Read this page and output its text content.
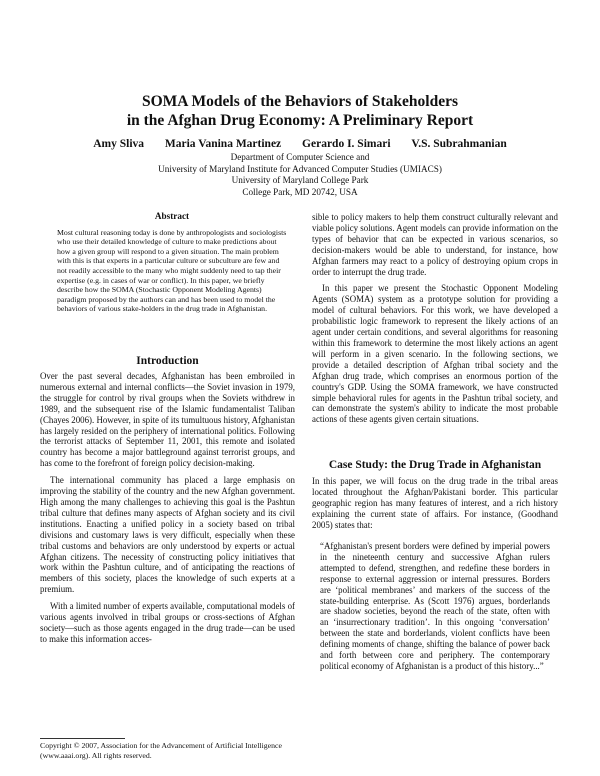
SOMA Models of the Behaviors of Stakeholders
in the Afghan Drug Economy: A Preliminary Report
Amy Sliva Maria Vanina Martinez Gerardo I. Simari V.S. Subrahmanian
Department of Computer Science and
University of Maryland Institute for Advanced Computer Studies (UMIACS)
University of Maryland College Park
College Park, MD 20742, USA
Abstract
Most cultural reasoning today is done by anthropologists and sociologists who use their detailed knowledge of culture to make predictions about how a given group will respond to a given situation. The main problem with this is that experts in a particular culture or subculture are few and not readily accessible to the many who might suddenly need to tap their expertise (e.g. in cases of war or conflict). In this paper, we briefly describe how the SOMA (Stochastic Opponent Modeling Agents) paradigm proposed by the authors can and has been used to model the behaviors of various stake-holders in the drug trade in Afghanistan.
Introduction

Over the past several decades, Afghanistan has been embroiled in numerous external and internal conflicts—the Soviet invasion in 1979, the struggle for control by rival groups when the Soviets withdrew in 1989, and the subsequent rise of the Islamic fundamentalist Taliban (Chayes 2006). However, in spite of its tumultuous history, Afghanistan has largely resided on the periphery of international politics. Following the terrorist attacks of September 11, 2001, this remote and isolated country has become a major battleground against terrorist groups, and has come to the forefront of foreign policy decision-making.

The international community has placed a large emphasis on improving the stability of the country and the new Afghan government. High among the many challenges to achieving this goal is the Pashtun tribal culture that defines many aspects of Afghan society and its civil institutions. Enacting a unified policy in a society based on tribal divisions and customary laws is very difficult, especially when these tribal customs and behaviors are only understood by experts or actual Afghan citizens. The necessity of constructing policy initiatives that work within the Pashtun culture, and of anticipating the reactions of members of this society, places the knowledge of such experts at a premium.

With a limited number of experts available, computational models of various agents involved in tribal groups or cross-sections of Afghan society—such as those agents engaged in the drug trade—can be used to make this information acces-

sible to policy makers to help them construct culturally relevant and viable policy solutions. Agent models can provide information on the types of behavior that can be expected in various scenarios, so decision-makers would be able to understand, for instance, how Afghan farmers may react to a policy of destroying opium crops in order to interrupt the drug trade.

In this paper we present the Stochastic Opponent Modeling Agents (SOMA) system as a prototype solution for providing a model of cultural behaviors. For this work, we have developed a probabilistic logic framework to represent the likely actions of an agent under certain conditions, and several algorithms for reasoning within this framework to determine the most likely actions an agent will perform in a given scenario. In the following sections, we provide a detailed description of Afghan tribal society and the Afghan drug trade, which comprises an enormous portion of the country's GDP. Using the SOMA framework, we have constructed simple behavioral rules for agents in the Pashtun tribal society, and can demonstrate the system's ability to indicate the most probable actions of these agents given certain situations.

Case Study: the Drug Trade in Afghanistan

In this paper, we will focus on the drug trade in the tribal areas located throughout the Afghan/Pakistani border. This particular geographic region has many features of interest, and a rich history explaining the current state of affairs. For instance, (Goodhand 2005) states that:

“Afghanistan's present borders were defined by imperial powers in the nineteenth century and successive Afghan rulers attempted to defend, strengthen, and redefine these borders in response to external aggression or internal pressures. Borders are ‘political membranes’ and markers of the success of the state-building enterprise. As (Scott 1976) argues, borderlands are shadow societies, beyond the reach of the state, often with an ‘insurrectionary tradition’. In this ongoing ‘conversation’ between the state and borderlands, violent conflicts have been defining moments of change, shifting the balance of power back and forth between core and periphery. The contemporary political economy of Afghanistan is a product of this history...”
Copyright © 2007, Association for the Advancement of Artificial Intelligence (www.aaai.org). All rights reserved.
